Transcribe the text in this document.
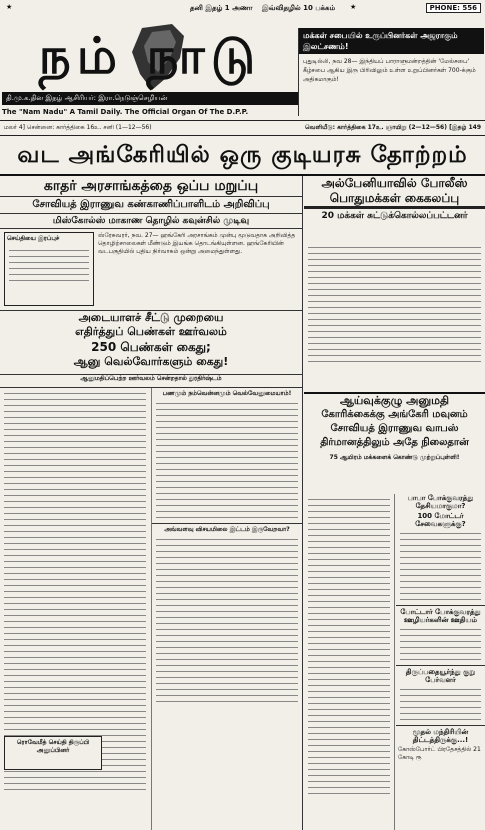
★	தனி இதழ் 1 அணா இவ்விதழில் 10 பக்கம் ★	PHONE: 556
நம் நாடு
தி.மு.க.தின இதழ் ஆசிரியர்: இரா.நெடுஞ்செழியன்
The "Nam Nadu" A Tamil Daily. The Official Organ Of The D.P.P.
மக்கள் சபையில் உருப்பினர்கள் அஜராகும் இலட்சணம்!
புதுடில்லி, நவ 28— இந்தியப் பாராளுமன்றத்தின் 'மேல்சபை' கீழ்சபை ஆகிய இரு பிரிவிலும் உள்ள உறுப்பினர்கள் 700-க்கும் அதிகமாகும்!
மலர் 4] சென்னை: கார்த்திகை 16உ. சனி (1—12—56)	வெளியீடு: கார்த்திகை 17உ. ஞாயிறு (2—12—56) [இதழ் 149
வட அங்கேரியில் ஒரு குடியரசு தோற்றம்
காதர் அரசாங்கத்தை ஒப்ப மறுப்பு
சோவியத் இராணுவ கண்காணிப்பாளிடம் அறிவிப்பு
மிஸ்கோல்ஸ் மாகாண தொழில் கவுன்சில் முடிவு
செய்தியை இரப்புச்	ஸ்ரேசுவரர், நவ. 27— ஹங்கேரி அரசாங்கம் முன்பு மூடுவதாக அறிவித்த தொழிற்சாலைகள் மீண்டும் இயங்க தொடங்கியுள்ளன. ஹங்கேரியின் வடபகுதியில் புதிய நிர்வாகம் ஒன்று அமைந்துள்ளது.
அடையாளச் சீட்டு முறையை
எதிர்த்துப் பெண்கள் ஊர்வலம்
250 பெண்கள் கைது;
ஆனு வெல்வோர்களும் கைது!
ஆனுமதிப்பெற்ற ஊர்வலம் சென்றதால் துரதிர்ஷ்டம்
பணமும் நம்வென்னமும் வெல்வேனுமையாம்!
அவ்வளவு விசயமிலை இட்டம் இருவேறவா?
ரொவேமீத் செய்தி திருப்பி அனுப்பினர்
அல்பேனியாவில் போலீஸ்
பொதுமக்கள் கைகலப்பு
20 மக்கள் சுட்டுக்கொல்லப்பட்டனர்
ஆய்வுக்குழு அனுமதி
கோரிக்கைக்கு அங்கேரி மவுனம்
சோவியத் இராணுவ வாபஸ்
திர்மானத்திலும் அதே நிலைதான்
75 ஆயிரம் மக்களைக் கொண்டு முற்றுப்புள்ளி!
பாபா போக்குவரத்து தேசியமாகுமா?
100 மோட்டர் சேவைகளுக்கு?
போட்டார் போக்குவரத்து ஊழியர்களின் ஊதியம்
திருப்பதையூர்ந்து குறு பேர்வளர்
மூதல் மந்திரியின் திட்டத்திருக்கு...!
கோஸ்போர்ட் பிரதேசத்தில் 21 கோடி ரூ
